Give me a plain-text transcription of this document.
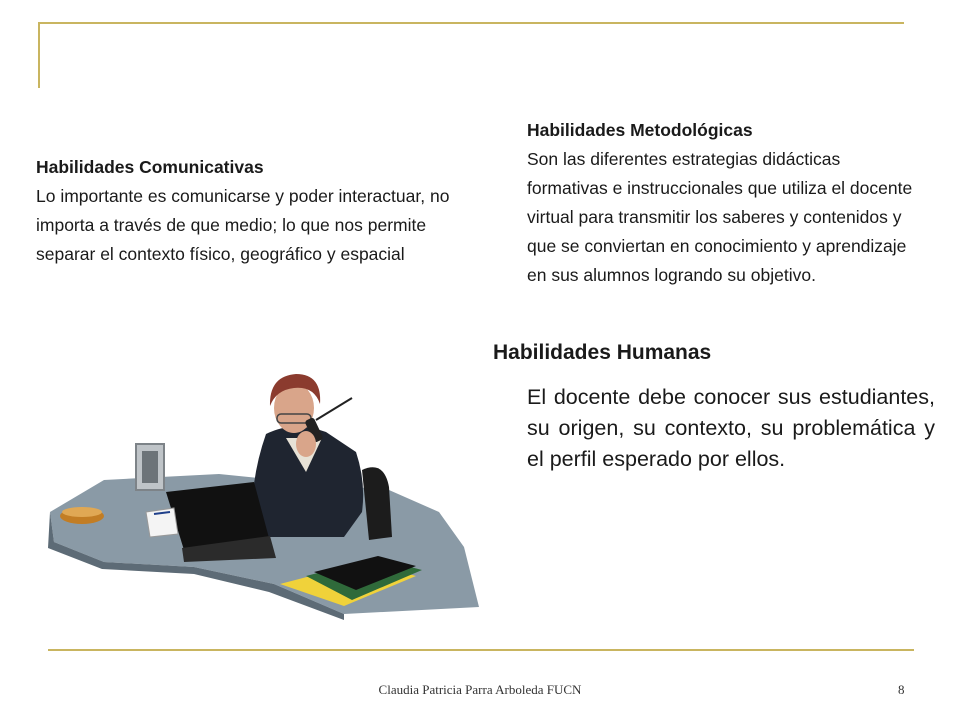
Habilidades Comunicativas
Lo importante es comunicarse y poder interactuar, no importa a través de que medio; lo que nos permite separar el contexto físico, geográfico y espacial
Habilidades Metodológicas
Son las diferentes estrategias didácticas formativas e instruccionales que utiliza el docente virtual para transmitir los saberes y contenidos y que se conviertan en conocimiento y aprendizaje en sus alumnos logrando su objetivo.
Habilidades Humanas
El docente debe conocer sus estudiantes, su origen, su contexto, su problemática y el perfil esperado por ellos.
Claudia Patricia Parra Arboleda FUCN	8
